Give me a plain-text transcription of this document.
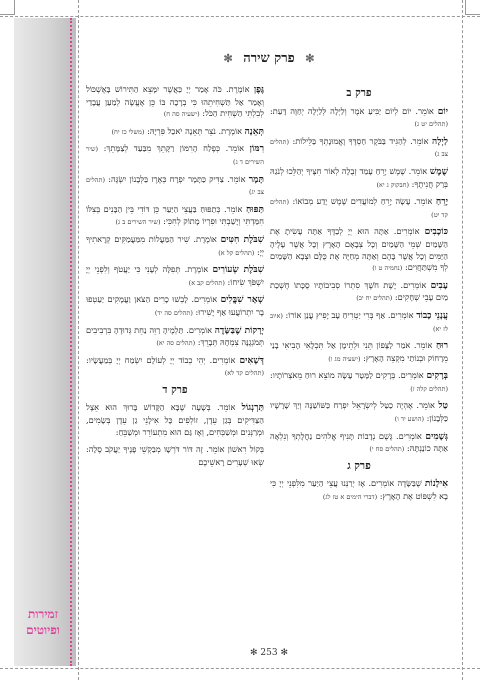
זמירות
ופיוטים
✻ פרק שירה ✻
פרק ב
יוֹם אוֹמֵר. יוֹם לְיוֹם יַבִּיעַ אֹמֶר וְלַיְלָה לְּלַיְלָה יְחַוֶּה דָּעַת: (תהלים יט ג)
לַיְלָה אוֹמֵר. לְהַגִּיד בַּבֹּקֶר חַסְדֶּךָ וֶאֱמוּנָתְךָ בַּלֵּילוֹת: (תהלים צב ג)
שֶׁמֶשׁ אוֹמֵר. שֶׁמֶשׁ יָרֵחַ עָמַד זְבֻלָה לְאוֹר חִצֶּיךָ יְהַלֵּכוּ לְנֹגַהּ בְּרַק חֲנִיתֶךָ: (חבקוק ג יא)
יָרֵחַ אוֹמֵר. עָשָׂה יָרֵחַ לְמוֹעֲדִים שֶׁמֶשׁ יָדַע מְבוֹאוֹ: (תהלים קד יט)
כּוֹכָבִים אוֹמְרִים. אַתָּה הוּא יְיָ לְבַדֶּךָ אַתָּה עָשִׂיתָ אֶת הַשָּׁמַיִם שְׁמֵי הַשָּׁמַיִם וְכָל צְבָאָם הָאָרֶץ וְכָל אֲשֶׁר עָלֶיהָ הַיַּמִּים וְכָל אֲשֶׁר בָּהֶם וְאַתָּה מְחַיֶּה אֶת כֻּלָּם וּצְבָא הַשָּׁמַיִם לְךָ מִשְׁתַּחֲוִים: (נחמיה ט ו)
עָבִים אוֹמְרִים. יָשֶׁת חֹשֶׁךְ סִתְרוֹ סְבִיבוֹתָיו סֻכָּתוֹ חֶשְׁכַת מַיִם עָבֵי שְׁחָקִים: (תהלים יח יב)
עֲנָנֵי כָבוֹד אוֹמְרִים. אַף בְּרִי יַטְרִיחַ עָב יָפִיץ עֲנַן אוֹרוֹ: (איוב לז יא)
רוּחַ אוֹמֵר. אֹמַר לַצָּפוֹן תֵּנִי וּלְתֵימָן אַל תִּכְלָאִי הָבִיאִי בָנַי מֵרָחוֹק וּבְנוֹתַי מִקְצֵה הָאָרֶץ: (ישעיה מג ו)
בְּרָקִים אוֹמְרִים. בְּרָקִים לַמָּטָר עָשָׂה מוֹצֵא רוּחַ מֵאֹצְרוֹתָיו: (תהלים קלה ז)
טַל אוֹמֵר. אֶהְיֶה כַטַּל לְיִשְׂרָאֵל יִפְרַח כַּשּׁוֹשַׁנָּה וְיַךְ שָׁרָשָׁיו כַּלְּבָנוֹן: (הושע יד ו)
גְּשָׁמִים אוֹמְרִים. גֶּשֶׁם נְדָבוֹת תָּנִיף אֱלֹהִים נַחֲלָתְךָ וְנִלְאָה אַתָּה כוֹנַנְתָּהּ: (תהלים סח י)
פרק ג
אִילָנוֹת שֶׁבַּשָּׂדֶה אוֹמְרִים. אָז יְרַנְּנוּ עֲצֵי הַיַּעַר מִלִּפְנֵי יְיָ כִּי בָא לִשְׁפּוֹט אֶת הָאָרֶץ: (דברי הימים א טז לג)
גֶּפֶן אוֹמֶרֶת. כֹּה אָמַר יְיָ כַּאֲשֶׁר יִמָּצֵא הַתִּירוֹשׁ בָּאֶשְׁכּוֹל וְאָמַר אַל תַּשְׁחִיתֵהוּ כִּי בְרָכָה בּוֹ כֵּן אֶעֱשֶׂה לְמַעַן עֲבָדַי לְבִלְתִּי הַשְׁחִית הַכֹּל: (ישעיה סה ח)
תְּאֵנָה אוֹמֶרֶת. נֹצֵר תְּאֵנָה יֹאכַל פִּרְיָהּ: (משלי כז יח)
רִמּוֹן אוֹמֵר. כְּפֶלַח הָרִמּוֹן רַקָּתֵךְ מִבַּעַד לְצַמָּתֵךְ: (שיר השירים ד ג)
תָּמָר אוֹמֵר. צַדִּיק כַּתָּמָר יִפְרָח כְּאֶרֶז בַּלְּבָנוֹן יִשְׂגֶּה: (תהלים צב יג)
תַּפּוּחַ אוֹמֵר. כְּתַפּוּחַ בַּעֲצֵי הַיַּעַר כֵּן דּוֹדִי בֵּין הַבָּנִים בְּצִלּוֹ חִמַּדְתִּי וְיָשַׁבְתִּי וּפִרְיוֹ מָתוֹק לְחִכִּי: (שיר השירים ב ג)
שִׁבֹּלֶת חִטִּים אוֹמֶרֶת. שִׁיר הַמַּעֲלוֹת מִמַּעֲמַקִּים קְרָאתִיךָ יְיָ: (תהלים קל א)
שִׁבֹּלֶת שְׂעוֹרִים אוֹמֶרֶת. תְּפִלָּה לְעָנִי כִּי יַעֲטֹף וְלִפְנֵי יְיָ יִשְׁפֹּךְ שִׂיחוֹ: (תהלים קב א)
שְׁאָר שִׁבֳּלִים אוֹמְרִים. לָבְשׁוּ כָרִים הַצֹּאן וַעֲמָקִים יַעַטְפוּ בָר יִתְרוֹעֲעוּ אַף יָשִׁירוּ: (תהלים סה יד)
יְרָקוֹת שֶׁבַּשָּׂדֶה אוֹמְרִים. תַּלְמֶיהָ רַוֵּה נַחֵת גְּדוּדֶהָ בִּרְבִיבִים תְּמֹגְגֶנָּה צִמְחָהּ תְּבָרֵךְ: (תהלים סה יא)
דְּשָׁאִים אוֹמְרִים. יְהִי כְבוֹד יְיָ לְעוֹלָם יִשְׂמַח יְיָ בְּמַעֲשָׂיו: (תהלים קד לא)
פרק ד
תַּרְנְגוֹל אוֹמֵר. בְּשָׁעָה שֶׁבָּא הַקָּדוֹשׁ בָּרוּךְ הוּא אֵצֶל הַצַּדִּיקִים בְּגַן עֵדֶן, זוֹלְפִים כָּל אִילָנֵי גַן עֵדֶן בְּשָׂמִים, וּמְרַנְּנִים וּמְשַׁבְּחִים, וְאָז גַּם הוּא מִתְעוֹרֵר וּמְשַׁבֵּחַ:
בְּקוֹל רִאשׁוֹן אוֹמֵר. זֶה דּוֹר דֹּרְשָׁו מְבַקְשֵׁי פָנֶיךָ יַעֲקֹב סֶלָה: שְׂאוּ שְׁעָרִים רָאשֵׁיכֶם
✻ 253 ✻
